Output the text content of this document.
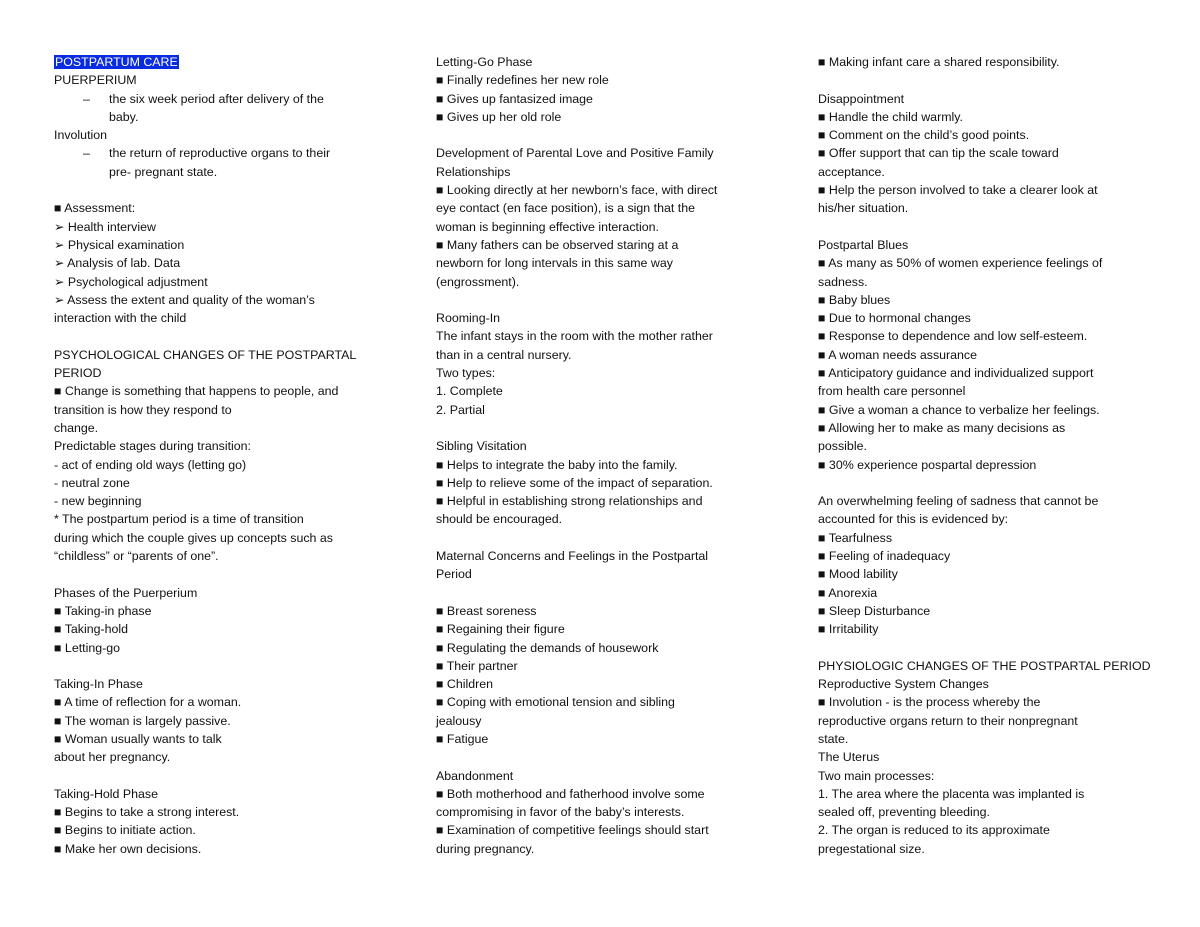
POSTPARTUM CARE
PUERPERIUM
– the six week period after delivery of the
baby.
Involution
– the return of reproductive organs to their
pre- pregnant state.
■ Assessment:
➢ Health interview
➢ Physical examination
➢ Analysis of lab. Data
➢ Psychological adjustment
➢ Assess the extent and quality of the woman’s
interaction with the child
PSYCHOLOGICAL CHANGES OF THE POSTPARTAL
PERIOD
■ Change is something that happens to people, and
transition is how they respond to
change.
Predictable stages during transition:
- act of ending old ways (letting go)
- neutral zone
- new beginning
* The postpartum period is a time of transition
during which the couple gives up concepts such as
“childless” or “parents of one”.
Phases of the Puerperium
■ Taking-in phase
■ Taking-hold
■ Letting-go
Taking-In Phase
■ A time of reflection for a woman.
■ The woman is largely passive.
■ Woman usually wants to talk
about her pregnancy.
Taking-Hold Phase
■ Begins to take a strong interest.
■ Begins to initiate action.
■ Make her own decisions.
Letting-Go Phase
■ Finally redefines her new role
■ Gives up fantasized image
■ Gives up her old role
Development of Parental Love and Positive Family
Relationships
■ Looking directly at her newborn’s face, with direct
eye contact (en face position), is a sign that the
woman is beginning effective interaction.
■ Many fathers can be observed staring at a
newborn for long intervals in this same way
(engrossment).
Rooming-In
The infant stays in the room with the mother rather
than in a central nursery.
Two types:
1. Complete
2. Partial
Sibling Visitation
■ Helps to integrate the baby into the family.
■ Help to relieve some of the impact of separation.
■ Helpful in establishing strong relationships and
should be encouraged.
Maternal Concerns and Feelings in the Postpartal
Period
■ Breast soreness
■ Regaining their figure
■ Regulating the demands of housework
■ Their partner
■ Children
■ Coping with emotional tension and sibling
jealousy
■ Fatigue
Abandonment
■ Both motherhood and fatherhood involve some
compromising in favor of the baby’s interests.
■ Examination of competitive feelings should start
during pregnancy.
■ Making infant care a shared responsibility.
Disappointment
■ Handle the child warmly.
■ Comment on the child’s good points.
■ Offer support that can tip the scale toward
acceptance.
■ Help the person involved to take a clearer look at
his/her situation.
Postpartal Blues
■ As many as 50% of women experience feelings of
sadness.
■ Baby blues
■ Due to hormonal changes
■ Response to dependence and low self-esteem.
■ A woman needs assurance
■ Anticipatory guidance and individualized support
from health care personnel
■ Give a woman a chance to verbalize her feelings.
■ Allowing her to make as many decisions as
possible.
■ 30% experience pospartal depression
An overwhelming feeling of sadness that cannot be
accounted for this is evidenced by:
■ Tearfulness
■ Feeling of inadequacy
■ Mood lability
■ Anorexia
■ Sleep Disturbance
■ Irritability
PHYSIOLOGIC CHANGES OF THE POSTPARTAL PERIOD
Reproductive System Changes
■ Involution - is the process whereby the
reproductive organs return to their nonpregnant
state.
The Uterus
Two main processes:
1. The area where the placenta was implanted is
sealed off, preventing bleeding.
2. The organ is reduced to its approximate
pregestational size.
